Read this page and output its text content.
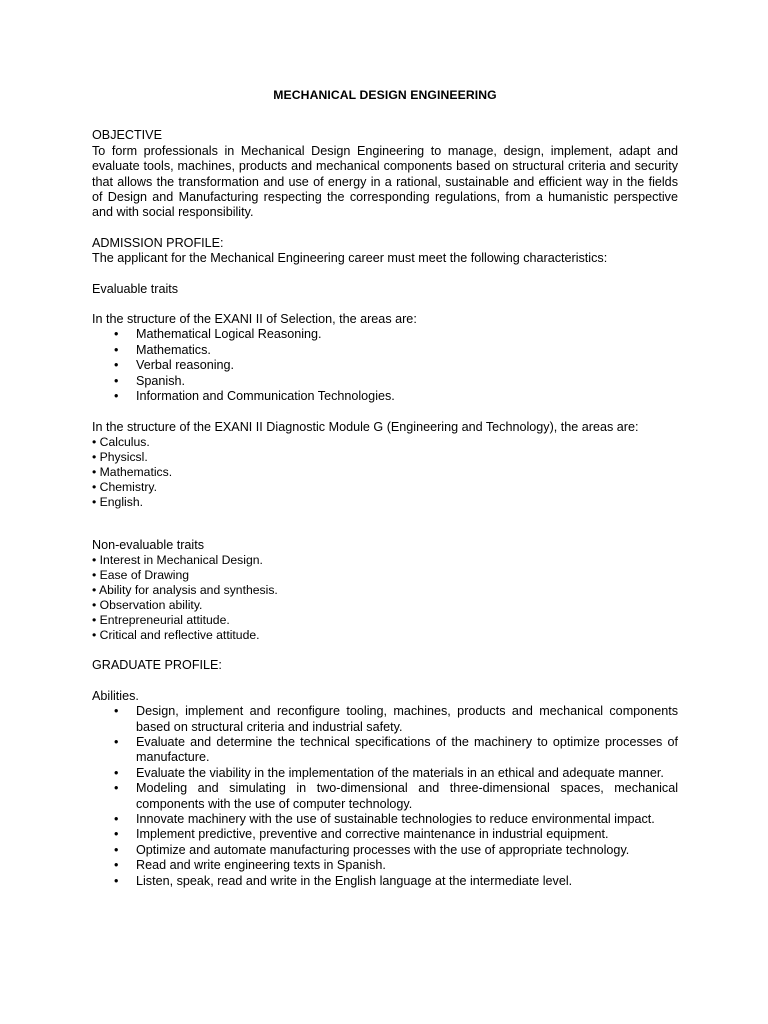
MECHANICAL DESIGN ENGINEERING
OBJECTIVE

To form professionals in Mechanical Design Engineering to manage, design, implement, adapt and evaluate tools, machines, products and mechanical components based on structural criteria and security that allows the transformation and use of energy in a rational, sustainable and efficient way in the fields of Design and Manufacturing respecting the corresponding regulations, from a humanistic perspective and with social responsibility.

ADMISSION PROFILE:

The applicant for the Mechanical Engineering career must meet the following characteristics:

Evaluable traits
In the structure of the EXANI II of Selection, the areas are:
• Mathematical Logical Reasoning.
• Mathematics.
• Verbal reasoning.
• Spanish.
• Information and Communication Technologies.
In the structure of the EXANI II Diagnostic Module G (Engineering and Technology), the areas are:
• Calculus.
• Physicsl.
• Mathematics.
• Chemistry.
• English.
Non-evaluable traits
• Interest in Mechanical Design.
• Ease of Drawing
• Ability for analysis and synthesis.
• Observation ability.
• Entrepreneurial attitude.
• Critical and reflective attitude.
GRADUATE PROFILE:
Abilities.
• Design, implement and reconfigure tooling, machines, products and mechanical components based on structural criteria and industrial safety.
• Evaluate and determine the technical specifications of the machinery to optimize processes of manufacture.
• Evaluate the viability in the implementation of the materials in an ethical and adequate manner.
• Modeling and simulating in two-dimensional and three-dimensional spaces, mechanical components with the use of computer technology.
• Innovate machinery with the use of sustainable technologies to reduce environmental impact.
• Implement predictive, preventive and corrective maintenance in industrial equipment.
• Optimize and automate manufacturing processes with the use of appropriate technology.
• Read and write engineering texts in Spanish.
• Listen, speak, read and write in the English language at the intermediate level.
